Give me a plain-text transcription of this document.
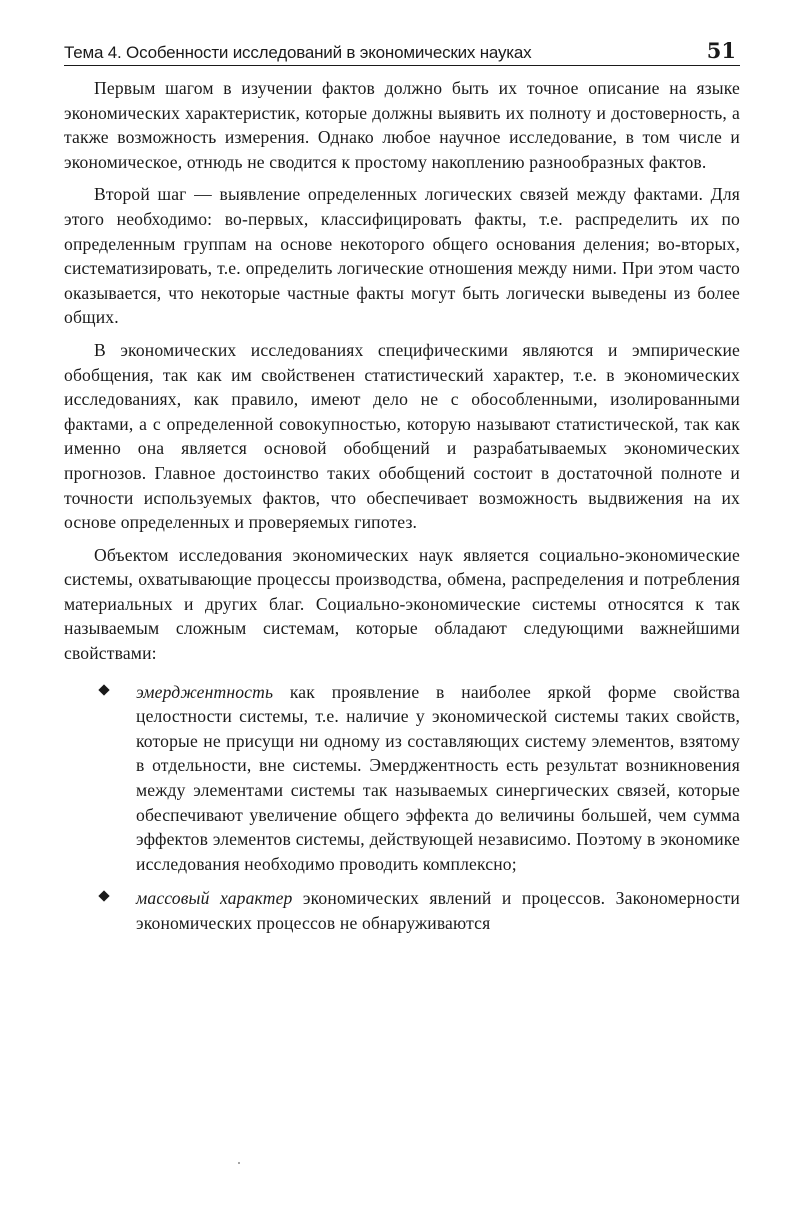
Тема 4. Особенности исследований в экономических науках	51

Первым шагом в изучении фактов должно быть их точное описание на языке экономических характеристик, которые должны выявить их полноту и достоверность, а также возможность измерения. Однако любое научное исследование, в том числе и экономическое, отнюдь не сводится к простому накоплению разнообразных фактов.

Второй шаг — выявление определенных логических связей между фактами. Для этого необходимо: во-первых, классифицировать факты, т.е. распределить их по определенным группам на основе некоторого общего основания деления; во-вторых, систематизировать, т.е. определить логические отношения между ними. При этом часто оказывается, что некоторые частные факты могут быть логически выведены из более общих.

В экономических исследованиях специфическими являются и эмпирические обобщения, так как им свойственен статистический характер, т.е. в экономических исследованиях, как правило, имеют дело не с обособленными, изолированными фактами, а с определенной совокупностью, которую называют статистической, так как именно она является основой обобщений и разрабатываемых экономических прогнозов. Главное достоинство таких обобщений состоит в достаточной полноте и точности используемых фактов, что обеспечивает возможность выдвижения на их основе определенных и проверяемых гипотез.

Объектом исследования экономических наук является социально-экономические системы, охватывающие процессы производства, обмена, распределения и потребления материальных и других благ. Социально-экономические системы относятся к так называемым сложным системам, которые обладают следующими важнейшими свойствами:

эмерджентность как проявление в наиболее яркой форме свойства целостности системы, т.е. наличие у экономической системы таких свойств, которые не присущи ни одному из составляющих систему элементов, взятому в отдельности, вне системы. Эмерджентность есть результат возникновения между элементами системы так называемых синергических связей, которые обеспечивают увеличение общего эффекта до величины большей, чем сумма эффектов элементов системы, действующей независимо. Поэтому в экономике исследования необходимо проводить комплексно;
массовый характер экономических явлений и процессов. Закономерности экономических процессов не обнаруживаются
